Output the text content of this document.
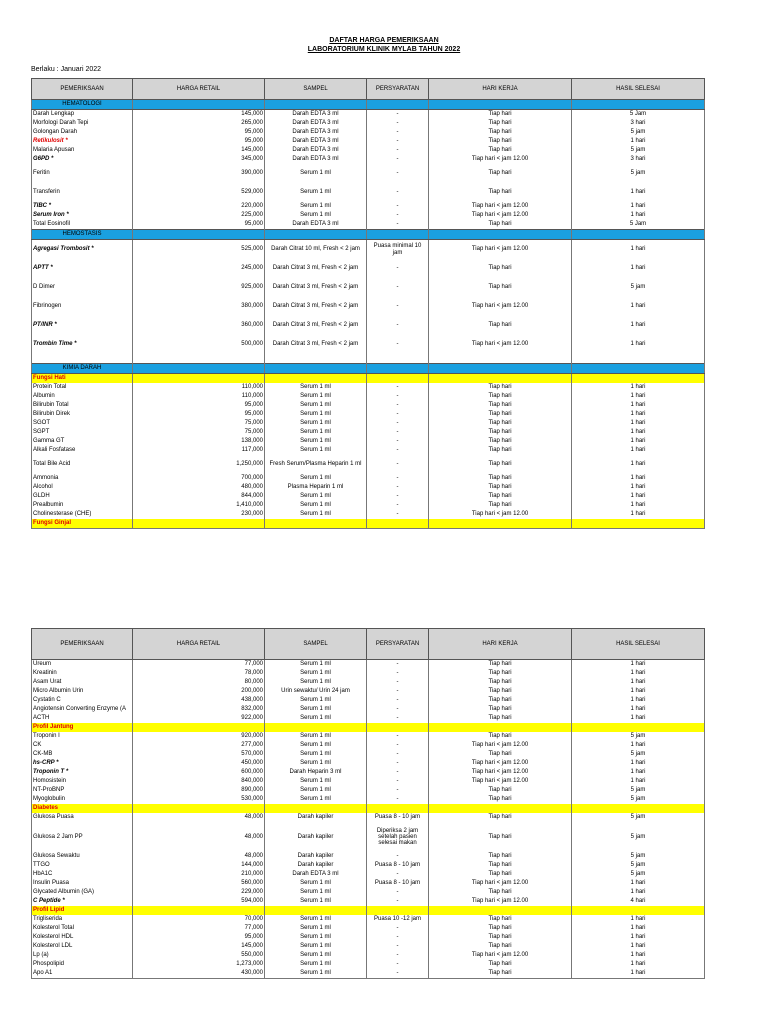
DAFTAR HARGA PEMERIKSAAN
LABORATORIUM KLINIK MYLAB TAHUN 2022
Berlaku : Januari 2022
PEMERIKSAAN	HARGA RETAIL	SAMPEL	PERSYARATAN	HARI KERJA	HASIL SELESAI
HEMATOLOGI					
Darah Lengkap	145,000	Darah EDTA 3 ml	-	Tiap hari	5 Jam
Morfologi Darah Tepi	265,000	Darah EDTA 3 ml	-	Tiap hari	3 hari
Golongan Darah	95,000	Darah EDTA 3 ml	-	Tiap hari	5 jam
Retikulosit *	95,000	Darah EDTA 3 ml	-	Tiap hari	1 hari
Malaria Apusan	145,000	Darah EDTA 3 ml	-	Tiap hari	5 jam
G6PD *	345,000	Darah EDTA 3 ml	-	Tiap hari < jam 12.00	3 hari
Feritin	390,000	Serum 1 ml	-	Tiap hari	5 jam
Transferin	529,000	Serum 1 ml	-	Tiap hari	1 hari
TIBC *	220,000	Serum 1 ml	-	Tiap hari < jam 12.00	1 hari
Serum Iron *	225,000	Serum 1 ml	-	Tiap hari < jam 12.00	1 hari
Total Eosinofil	95,000	Darah EDTA 3 ml	-	Tiap hari	5 Jam
HEMOSTASIS					
Agregasi Trombosit *	525,000	Darah Citrat 10 ml, Fresh < 2 jam	Puasa minimal 10 jam	Tiap hari < jam 12.00	1 hari
APTT *	245,000	Darah Citrat 3 ml, Fresh < 2 jam	-	Tiap hari	1 hari
D Dimer	925,000	Darah Citrat 3 ml, Fresh < 2 jam	-	Tiap hari	5 jam
Fibrinogen	380,000	Darah Citrat 3 ml, Fresh < 2 jam	-	Tiap hari < jam 12.00	1 hari
PT/INR *	360,000	Darah Citrat 3 ml, Fresh < 2 jam	-	Tiap hari	1 hari
Trombin Time *	500,000	Darah Citrat 3 ml, Fresh < 2 jam	-	Tiap hari < jam 12.00	1 hari

KIMIA DARAH					
Fungsi Hati					
Protein Total	110,000	Serum 1 ml	-	Tiap hari	1 hari
Albumin	110,000	Serum 1 ml	-	Tiap hari	1 hari
Bilirubin Total	95,000	Serum 1 ml	-	Tiap hari	1 hari
Bilirubin Direk	95,000	Serum 1 ml	-	Tiap hari	1 hari
SGOT	75,000	Serum 1 ml	-	Tiap hari	1 hari
SGPT	75,000	Serum 1 ml	-	Tiap hari	1 hari
Gamma GT	138,000	Serum 1 ml	-	Tiap hari	1 hari
Alkali Fosfatase	117,000	Serum 1 ml	-	Tiap hari	1 hari
Total Bile Acid	1,250,000	Fresh Serum/Plasma Heparin 1 ml	-	Tiap hari	1 hari
Ammonia	700,000	Serum 1 ml	-	Tiap hari	1 hari
Alcohol	480,000	Plasma Heparin 1 ml	-	Tiap hari	1 hari
GLDH	844,000	Serum 1 ml	-	Tiap hari	1 hari
Prealbumin	1,410,000	Serum 1 ml	-	Tiap hari	1 hari
Cholinesterase (CHE)	230,000	Serum 1 ml	-	Tiap hari < jam 12.00	1 hari
Fungsi Ginjal					
PEMERIKSAAN	HARGA RETAIL	SAMPEL	PERSYARATAN	HARI KERJA	HASIL SELESAI
Ureum	77,000	Serum 1 ml	-	Tiap hari	1 hari
Kreatinin	78,000	Serum 1 ml	-	Tiap hari	1 hari
Asam Urat	80,000	Serum 1 ml	-	Tiap hari	1 hari
Micro Albumin Urin	200,000	Urin sewaktu/ Urin 24 jam	-	Tiap hari	1 hari
Cystatin C	438,000	Serum 1 ml	-	Tiap hari	1 hari
Angiotensin Converting Enzyme (A	832,000	Serum 1 ml	-	Tiap hari	1 hari
ACTH	922,000	Serum 1 ml	-	Tiap hari	1 hari
Profil Jantung					
Troponin I	920,000	Serum 1 ml	-	Tiap hari	5 jam
CK	277,000	Serum 1 ml	-	Tiap hari < jam 12.00	1 hari
CK-MB	570,000	Serum 1 ml	-	Tiap hari	5 jam
hs-CRP *	450,000	Serum 1 ml	-	Tiap hari < jam 12.00	1 hari
Troponin T *	600,000	Darah Heparin 3 ml	-	Tiap hari < jam 12.00	1 hari
Homosistein	840,000	Serum 1 ml	-	Tiap hari < jam 12.00	1 hari
NT-ProBNP	890,000	Serum 1 ml	-	Tiap hari	5 jam
Myoglobulin	530,000	Serum 1 ml	-	Tiap hari	5 jam
Diabetes					
Glukosa Puasa	48,000	Darah kapiler	Puasa 8 - 10 jam	Tiap hari	5 jam
Glukosa 2 Jam PP	48,000	Darah kapiler	Diperiksa 2 jam setelah pasien selesai makan	Tiap hari	5 jam
Glukosa Sewaktu	48,000	Darah kapiler	-	Tiap hari	5 jam
TTGO	144,000	Darah kapiler	Puasa 8 - 10 jam	Tiap hari	5 jam
HbA1C	210,000	Darah EDTA 3 ml	-	Tiap hari	5 jam
Insulin Puasa	560,000	Serum 1 ml	Puasa 8 - 10 jam	Tiap hari < jam 12.00	1 hari
Glycated Albumin (GA)	229,000	Serum 1 ml	-	Tiap hari	1 hari
C Peptide *	594,000	Serum 1 ml	-	Tiap hari < jam 12.00	4 hari
Profil Lipid					
Trigliserida	70,000	Serum 1 ml	Puasa 10 -12 jam	Tiap hari	1 hari
Kolesterol Total	77,000	Serum 1 ml	-	Tiap hari	1 hari
Kolesterol HDL	95,000	Serum 1 ml	-	Tiap hari	1 hari
Kolesterol LDL	145,000	Serum 1 ml	-	Tiap hari	1 hari
Lp (a)	550,000	Serum 1 ml	-	Tiap hari < jam 12.00	1 hari
Phospolipid	1,273,000	Serum 1 ml	-	Tiap hari	1 hari
Apo A1	430,000	Serum 1 ml	-	Tiap hari	1 hari
